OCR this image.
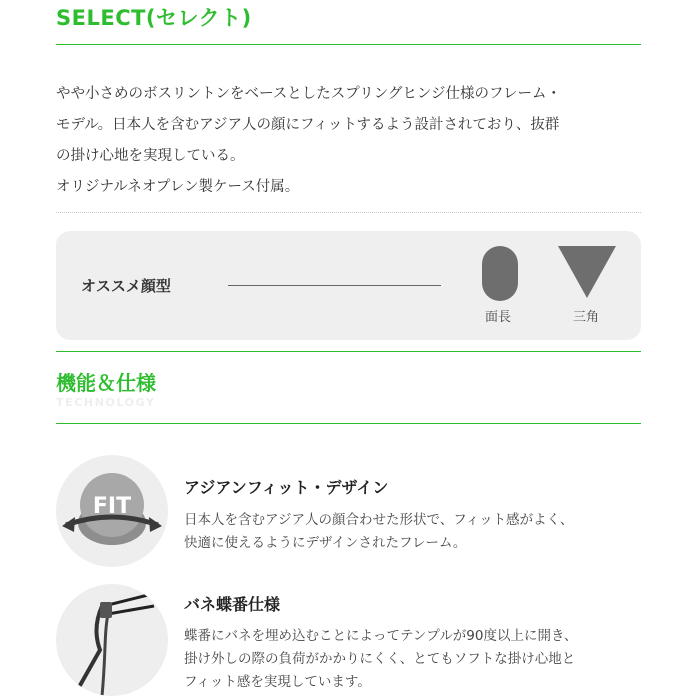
SELECT(セレクト)
やや小さめのボスリントンをベースとしたスプリングヒンジ仕様のフレーム・
モデル。日本人を含むアジア人の顔にフィットするよう設計されており、抜群
の掛け心地を実現している。
オリジナルネオプレン製ケース付属。
オススメ顔型
面長	三角
機能＆仕様
TECHNOLOGY
FIT
アジアンフィット・デザイン
日本人を含むアジア人の顔合わせた形状で、フィット感がよく、
快適に使えるようにデザインされたフレーム。
バネ蝶番仕様
蝶番にバネを埋め込むことによってテンプルが90度以上に開き、
掛け外しの際の負荷がかかりにくく、とてもソフトな掛け心地と
フィット感を実現しています。
